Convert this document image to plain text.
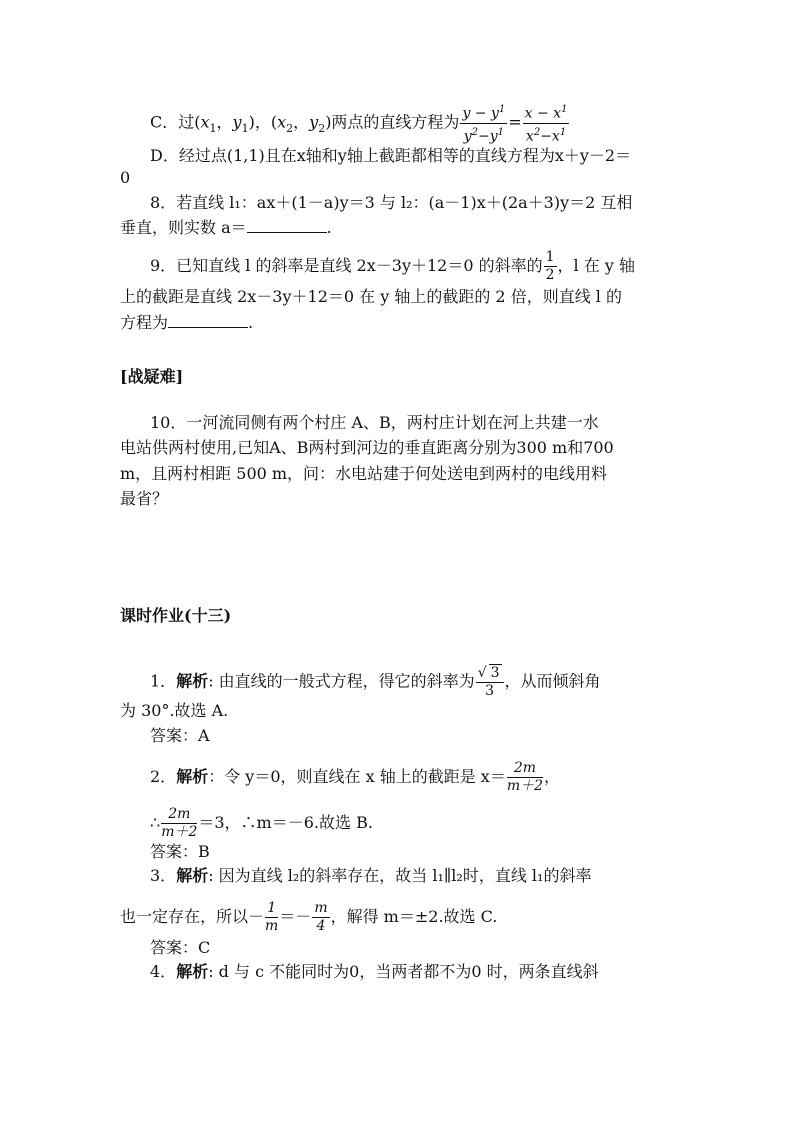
C．过($x_1$，$y_1$)，($x_2$，$y_2$)两点的直线方程为 $\frac{y - y^1}{y^2-y^1} = \frac{x - x^1}{x^2-x^1}$
D．经过点(1,1)且在x轴和y轴上截距都相等的直线方程为x＋y－2＝
0
8．若直线 l₁：ax＋(1－a)y＝3 与 l₂：(a－1)x＋(2a＋3)y＝2 互相
垂直，则实数 a＝	.
9．已知直线 l 的斜率是直线 2x－3y＋12＝0 的斜率的 $\frac{1}{2}$ ，l 在 y 轴
上的截距是直线 2x－3y＋12＝0 在 y 轴上的截距的 2 倍，则直线 l 的
方程为	.
[战疑难]
10．一河流同侧有两个村庄 A、B，两村庄计划在河上共建一水
电站供两村使用,已知A、B两村到河边的垂直距离分别为300 m和700
m，且两村相距 500 m，问：水电站建于何处送电到两村的电线用料
最省？
课时作业(十三)
1．解析: 由直线的一般式方程，得它的斜率为 $\frac{√ 3}{3}$ ，从而倾斜角
为 30°.故选 A.
答案：A
2．解析：令 y＝0，则直线在 x 轴上的截距是 $x= \frac{2m}{m+2}$ ，
∴ $\frac{2m}{m+2} =3$，∴m＝－6.故选 B.
答案：B
3．解析: 因为直线 l₂的斜率存在，故当 l₁∥l₂时，直线 l₁的斜率
也一定存在，所以－ $\frac{1}{m} =- \frac{m}{4}$ ，解得 m＝±2.故选 C.
答案：C
4．解析: d 与 c 不能同时为0，当两者都不为0 时，两条直线斜
